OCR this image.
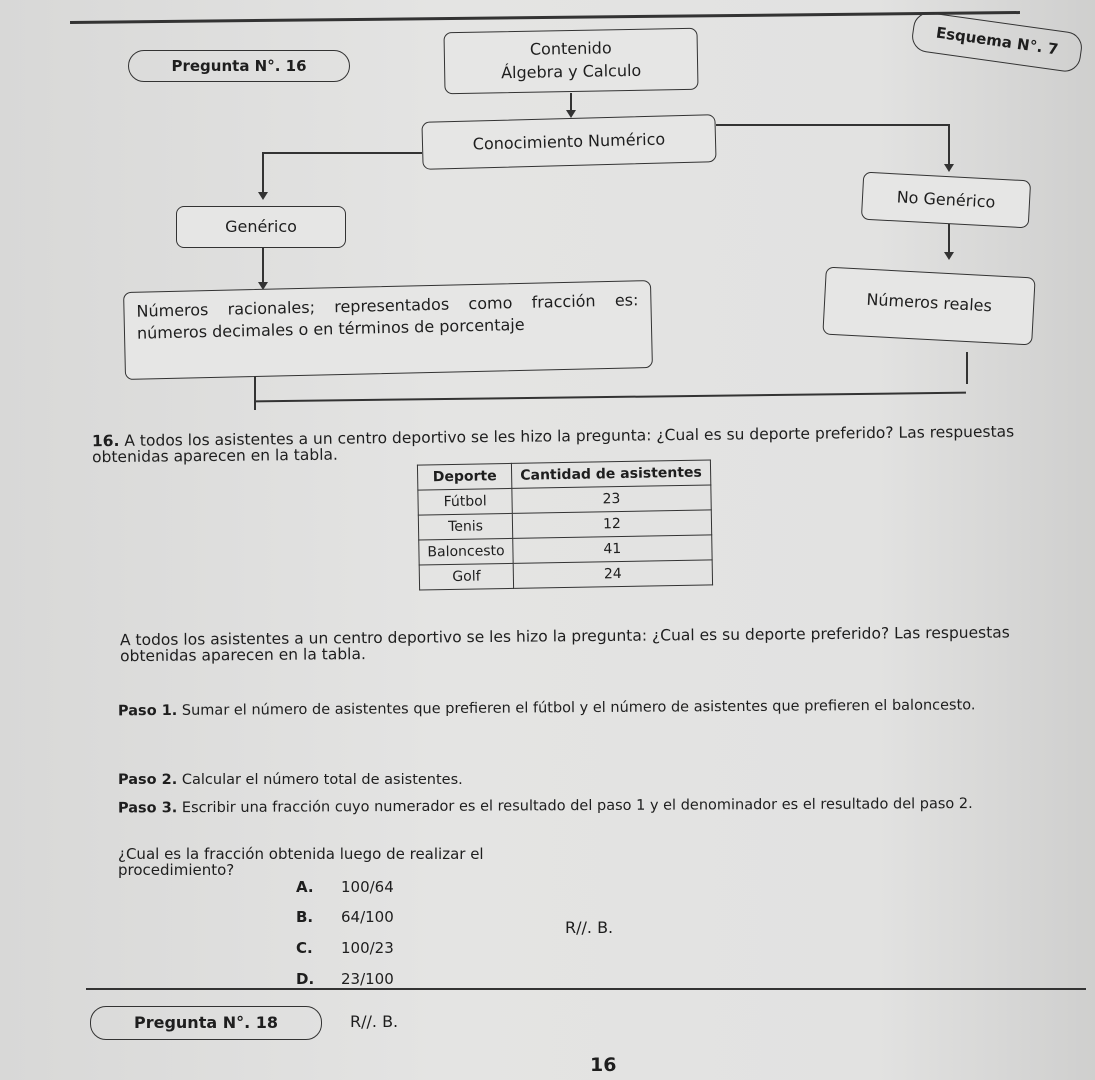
Pregunta N°. 16
Esquema N°. 7
Contenido
Álgebra y Calculo
Conocimiento Numérico
Genérico
No Genérico
Números racionales; representados como fracción es: números decimales o en términos de porcentaje
Números reales
16. A todos los asistentes a un centro deportivo se les hizo la pregunta: ¿Cual es su deporte preferido? Las respuestas obtenidas aparecen en la tabla.
Deporte	Cantidad de asistentes
Fútbol	23
Tenis	12
Baloncesto	41
Golf	24
A todos los asistentes a un centro deportivo se les hizo la pregunta: ¿Cual es su deporte preferido? Las respuestas obtenidas aparecen en la tabla.
Paso 1. Sumar el número de asistentes que prefieren el fútbol y el número de asistentes que prefieren el baloncesto.
Paso 2. Calcular el número total de asistentes.
Paso 3. Escribir una fracción cuyo numerador es el resultado del paso 1 y el denominador es el resultado del paso 2.
¿Cual es la fracción obtenida luego de realizar el procedimiento?
A. 100/64
B. 64/100
C. 100/23
D. 23/100
R//. B.
Pregunta N°. 18	R//. B.
16
